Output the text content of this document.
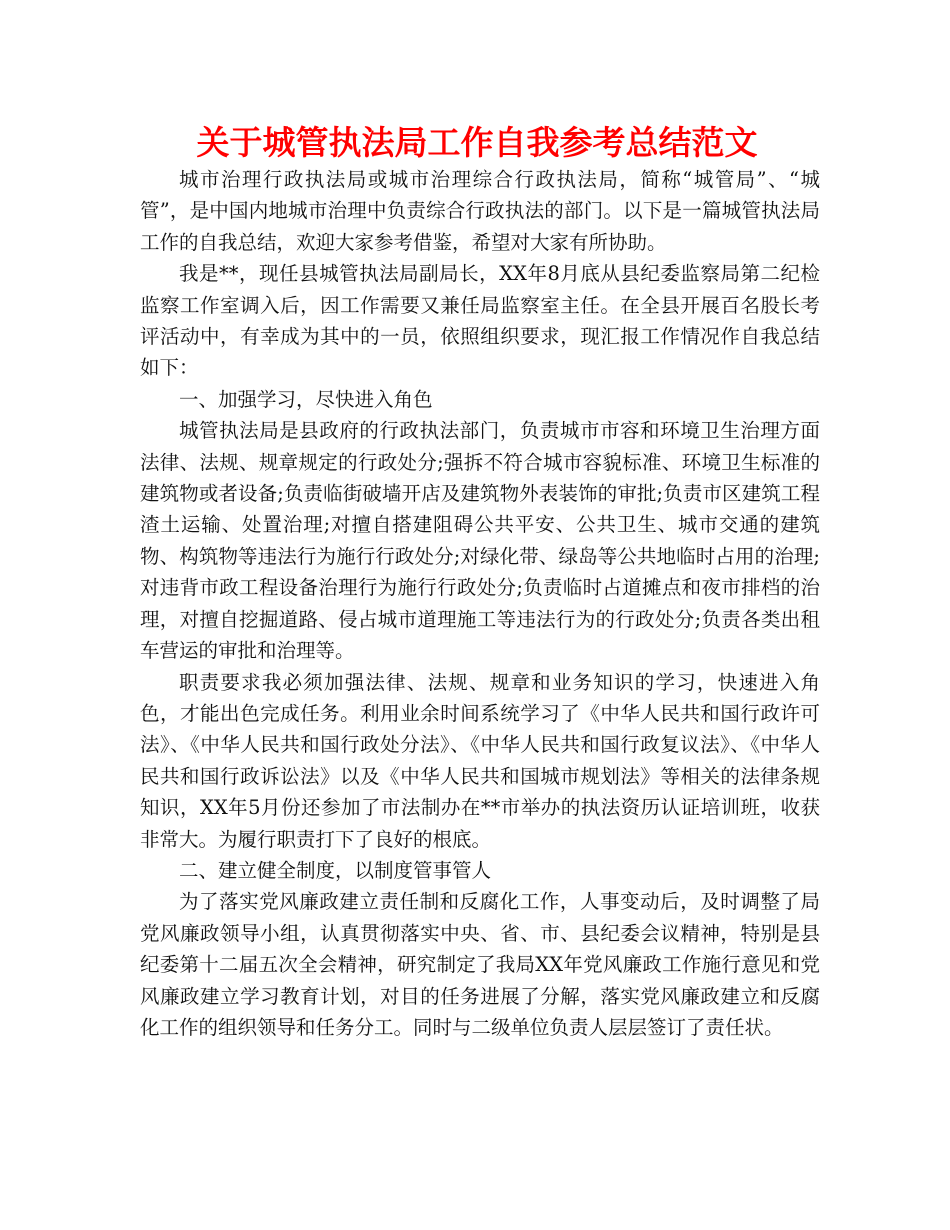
关于城管执法局工作自我参考总结范文

城市治理行政执法局或城市治理综合行政执法局，简称“城管局”、“城管”，是中国内地城市治理中负责综合行政执法的部门。以下是一篇城管执法局工作的自我总结，欢迎大家参考借鉴，希望对大家有所协助。

我是**，现任县城管执法局副局长，XX年8月底从县纪委监察局第二纪检监察工作室调入后，因工作需要又兼任局监察室主任。在全县开展百名股长考评活动中，有幸成为其中的一员，依照组织要求，现汇报工作情况作自我总结如下：

一、加强学习，尽快进入角色

城管执法局是县政府的行政执法部门，负责城市市容和环境卫生治理方面法律、法规、规章规定的行政处分;强拆不符合城市容貌标准、环境卫生标准的建筑物或者设备;负责临街破墙开店及建筑物外表装饰的审批;负责市区建筑工程渣土运输、处置治理;对擅自搭建阻碍公共平安、公共卫生、城市交通的建筑物、构筑物等违法行为施行行政处分;对绿化带、绿岛等公共地临时占用的治理;对违背市政工程设备治理行为施行行政处分;负责临时占道摊点和夜市排档的治理，对擅自挖掘道路、侵占城市道理施工等违法行为的行政处分;负责各类出租车营运的审批和治理等。

职责要求我必须加强法律、法规、规章和业务知识的学习，快速进入角色，才能出色完成任务。利用业余时间系统学习了《中华人民共和国行政许可法》、《中华人民共和国行政处分法》、《中华人民共和国行政复议法》、《中华人民共和国行政诉讼法》以及《中华人民共和国城市规划法》等相关的法律条规知识，XX年5月份还参加了市法制办在**市举办的执法资历认证培训班，收获非常大。为履行职责打下了良好的根底。

二、建立健全制度，以制度管事管人

为了落实党风廉政建立责任制和反腐化工作，人事变动后，及时调整了局党风廉政领导小组，认真贯彻落实中央、省、市、县纪委会议精神，特别是县纪委第十二届五次全会精神，研究制定了我局XX年党风廉政工作施行意见和党风廉政建立学习教育计划，对目的任务进展了分解，落实党风廉政建立和反腐化工作的组织领导和任务分工。同时与二级单位负责人层层签订了责任状。
